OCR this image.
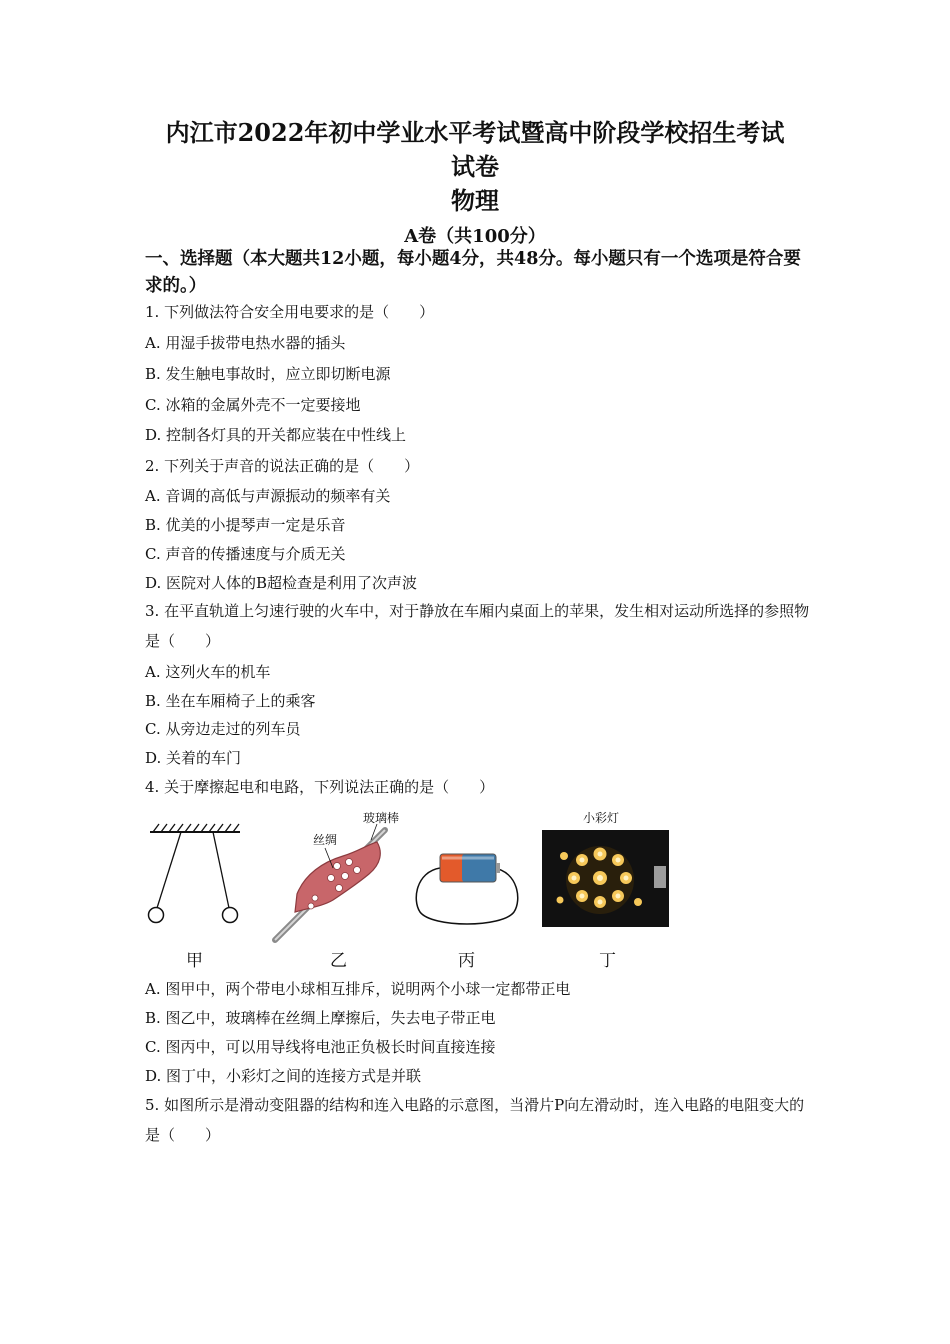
内江市2022年初中学业水平考试暨高中阶段学校招生考试
试卷
物理
A卷（共100分）
一、选择题（本大题共12小题，每小题4分，共48分。每小题只有一个选项是符合要求的。）
1. 下列做法符合安全用电要求的是（　　）
A. 用湿手拔带电热水器的插头
B. 发生触电事故时，应立即切断电源
C. 冰箱的金属外壳不一定要接地
D. 控制各灯具的开关都应装在中性线上
2. 下列关于声音的说法正确的是（　　）
A. 音调的高低与声源振动的频率有关
B. 优美的小提琴声一定是乐音
C. 声音的传播速度与介质无关
D. 医院对人体的B超检查是利用了次声波
3. 在平直轨道上匀速行驶的火车中，对于静放在车厢内桌面上的苹果，发生相对运动所选择的参照物是（　　）
A. 这列火车的机车
B. 坐在车厢椅子上的乘客
C. 从旁边走过的列车员
D. 关着的车门
4. 关于摩擦起电和电路，下列说法正确的是（　　）
丝绸
玻璃棒	小彩灯
甲	乙	丙	丁
A. 图甲中，两个带电小球相互排斥，说明两个小球一定都带正电
B. 图乙中，玻璃棒在丝绸上摩擦后，失去电子带正电
C. 图丙中，可以用导线将电池正负极长时间直接连接
D. 图丁中，小彩灯之间的连接方式是并联
5. 如图所示是滑动变阻器的结构和连入电路的示意图，当滑片P向左滑动时，连入电路的电阻变大的是（　　）
